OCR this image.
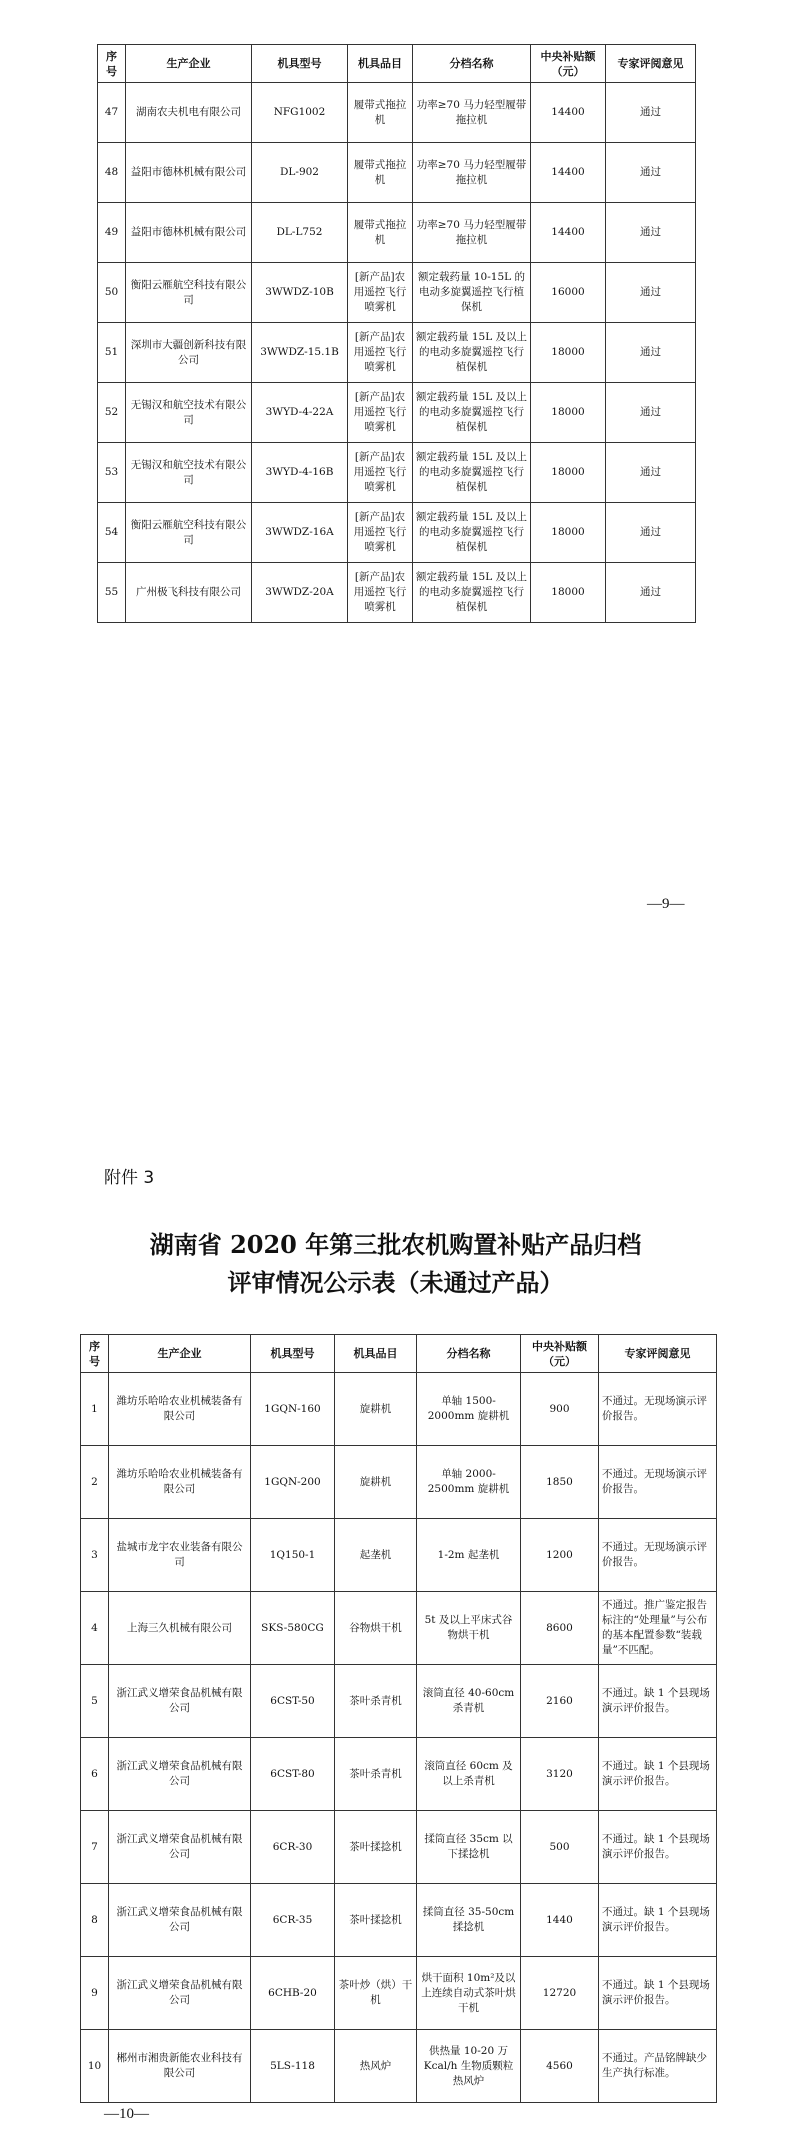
序号	生产企业	机具型号	机具品目	分档名称	中央补贴额（元）	专家评阅意见
47	湖南农夫机电有限公司	NFG1002	履带式拖拉机	功率≥70 马力轻型履带拖拉机	14400	通过
48	益阳市德林机械有限公司	DL-902	履带式拖拉机	功率≥70 马力轻型履带拖拉机	14400	通过
49	益阳市德林机械有限公司	DL-L752	履带式拖拉机	功率≥70 马力轻型履带拖拉机	14400	通过
50	衡阳云雁航空科技有限公司	3WWDZ-10B	[新产品]农用遥控飞行喷雾机	额定载药量 10-15L 的电动多旋翼遥控飞行植保机	16000	通过
51	深圳市大疆创新科技有限公司	3WWDZ-15.1B	[新产品]农用遥控飞行喷雾机	额定载药量 15L 及以上的电动多旋翼遥控飞行植保机	18000	通过
52	无锡汉和航空技术有限公司	3WYD-4-22A	[新产品]农用遥控飞行喷雾机	额定载药量 15L 及以上的电动多旋翼遥控飞行植保机	18000	通过
53	无锡汉和航空技术有限公司	3WYD-4-16B	[新产品]农用遥控飞行喷雾机	额定载药量 15L 及以上的电动多旋翼遥控飞行植保机	18000	通过
54	衡阳云雁航空科技有限公司	3WWDZ-16A	[新产品]农用遥控飞行喷雾机	额定载药量 15L 及以上的电动多旋翼遥控飞行植保机	18000	通过
55	广州极飞科技有限公司	3WWDZ-20A	[新产品]农用遥控飞行喷雾机	额定载药量 15L 及以上的电动多旋翼遥控飞行植保机	18000	通过
—9—
附件 3
湖南省 2020 年第三批农机购置补贴产品归档
评审情况公示表（未通过产品）
序号	生产企业	机具型号	机具品目	分档名称	中央补贴额（元）	专家评阅意见
1	潍坊乐哈哈农业机械装备有限公司	1GQN-160	旋耕机	单轴 1500-2000mm 旋耕机	900	不通过。无现场演示评价报告。
2	潍坊乐哈哈农业机械装备有限公司	1GQN-200	旋耕机	单轴 2000-2500mm 旋耕机	1850	不通过。无现场演示评价报告。
3	盐城市龙宇农业装备有限公司	1Q150-1	起垄机	1-2m 起垄机	1200	不通过。无现场演示评价报告。
4	上海三久机械有限公司	SKS-580CG	谷物烘干机	5t 及以上平床式谷物烘干机	8600	不通过。推广鉴定报告标注的“处理量”与公布的基本配置参数“装载量”不匹配。
5	浙江武义增荣食品机械有限公司	6CST-50	茶叶杀青机	滚筒直径 40-60cm 杀青机	2160	不通过。缺 1 个县现场演示评价报告。
6	浙江武义增荣食品机械有限公司	6CST-80	茶叶杀青机	滚筒直径 60cm 及以上杀青机	3120	不通过。缺 1 个县现场演示评价报告。
7	浙江武义增荣食品机械有限公司	6CR-30	茶叶揉捻机	揉筒直径 35cm 以下揉捻机	500	不通过。缺 1 个县现场演示评价报告。
8	浙江武义增荣食品机械有限公司	6CR-35	茶叶揉捻机	揉筒直径 35-50cm 揉捻机	1440	不通过。缺 1 个县现场演示评价报告。
9	浙江武义增荣食品机械有限公司	6CHB-20	茶叶炒（烘）干机	烘干面积 10m²及以上连续自动式茶叶烘干机	12720	不通过。缺 1 个县现场演示评价报告。
10	郴州市湘贵新能农业科技有限公司	5LS-118	热风炉	供热量 10-20 万 Kcal/h 生物质颗粒热风炉	4560	不通过。产品铭牌缺少生产执行标准。
—10—
